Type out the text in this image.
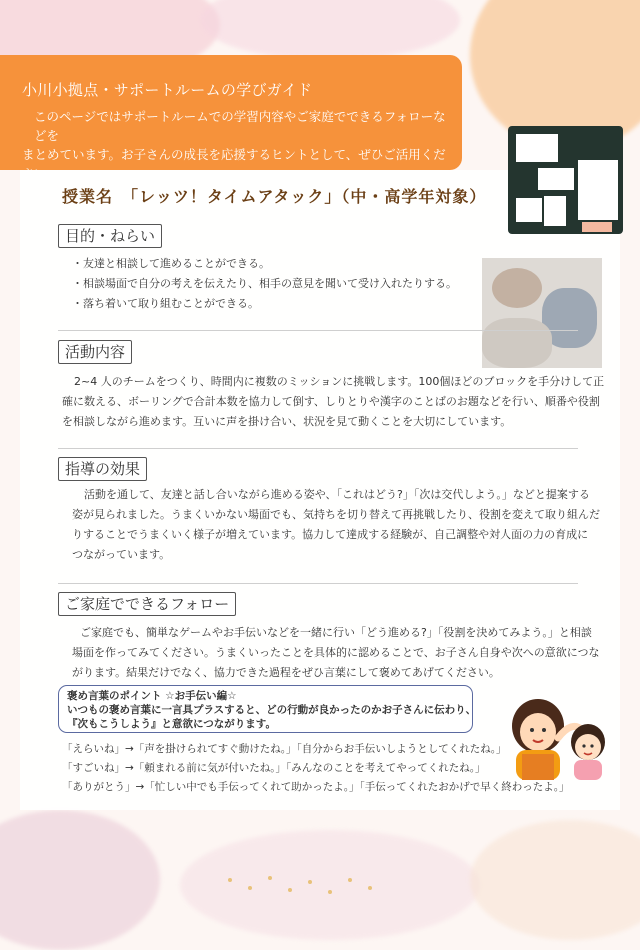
小川小拠点・サポートルームの学びガイド
このページではサポートルームでの学習内容やご家庭でできるフォローなどを
まとめています。お子さんの成長を応援するヒントとして、ぜひご活用ください。
授業名　「レッツ！タイムアタック」（中・高学年対象）
目的・ねらい
・友達と相談して進めることができる。
・相談場面で自分の考えを伝えたり、相手の意見を聞いて受け入れたりする。
・落ち着いて取り組むことができる。
活動内容
2~4 人のチームをつくり、時間内に複数のミッションに挑戦します。100個ほどのブロックを手分けして正
確に数える、ボーリングで合計本数を協力して倒す、しりとりや漢字のことばのお題などを行い、順番や役割
を相談しながら進めます。互いに声を掛け合い、状況を見て動くことを大切にしています。
指導の効果
活動を通して、友達と話し合いながら進める姿や、「これはどう?」「次は交代しよう。」などと提案する
姿が見られました。うまくいかない場面でも、気持ちを切り替えて再挑戦したり、役割を変えて取り組んだ
りすることでうまくいく様子が増えています。協力して達成する経験が、自己調整や対人面の力の育成に
つながっています。
ご家庭でできるフォロー
ご家庭でも、簡単なゲームやお手伝いなどを一緒に行い「どう進める?」「役割を決めてみよう。」と相談
場面を作ってみてください。うまくいったことを具体的に認めることで、お子さん自身や次への意欲につな
がります。結果だけでなく、協力できた過程をぜひ言葉にして褒めてあげてください。
褒め言葉のポイント ☆お手伝い編☆
いつもの褒め言葉に一言具プラスすると、どの行動が良かったのかお子さんに伝わり、
『次もこうしよう』と意欲につながります。
「えらいね」→「声を掛けられてすぐ動けたね。」「自分からお手伝いしようとしてくれたね。」
「すごいね」→「頼まれる前に気が付いたね。」「みんなのことを考えてやってくれたね。」
「ありがとう」→「忙しい中でも手伝ってくれて助かったよ。」「手伝ってくれたおかげで早く終わったよ。」
